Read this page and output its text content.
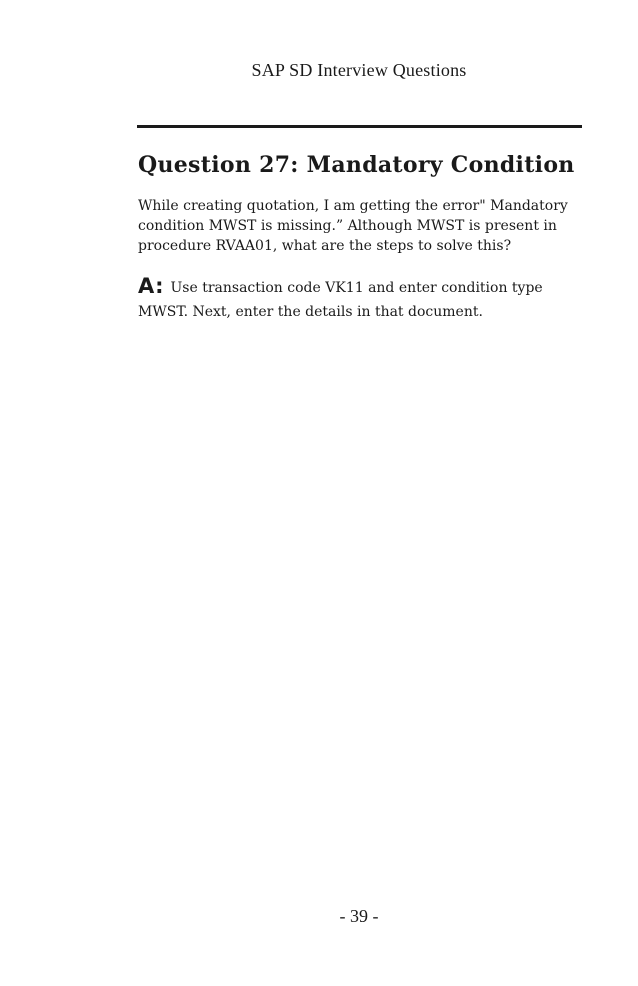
SAP SD Interview Questions
Question 27: Mandatory Condition

While creating quotation, I am getting the error" Mandatory condition MWST is missing.” Although MWST is present in procedure RVAA01, what are the steps to solve this?

A: Use transaction code VK11 and enter condition type MWST. Next, enter the details in that document.

- 39 -
